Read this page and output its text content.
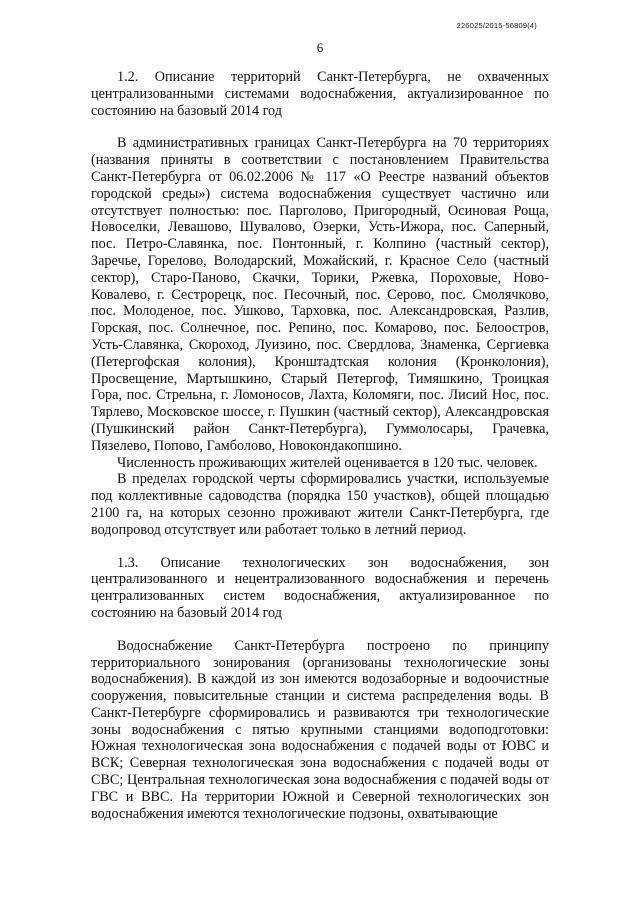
226025/2015-56809(4)
6

1.2. Описание территорий Санкт-Петербурга, не охваченных централизованными системами водоснабжения, актуализированное по состоянию на базовый 2014 год

В административных границах Санкт-Петербурга на 70 территориях (названия приняты в соответствии с постановлением Правительства Санкт-Петербурга от 06.02.2006 № 117 «О Реестре названий объектов городской среды») система водоснабжения существует частично или отсутствует полностью: пос. Парголово, Пригородный, Осиновая Роща, Новоселки, Левашово, Шувалово, Озерки, Усть-Ижора, пос. Саперный, пос. Петро-Славянка, пос. Понтонный, г. Колпино (частный сектор), Заречье, Горелово, Володарский, Можайский, г. Красное Село (частный сектор), Старо-Паново, Скачки, Торики, Ржевка, Пороховые, Ново-Ковалево, г. Сестрорецк, пос. Песочный, пос. Серово, пос. Смолячково, пос. Молоденое, пос. Ушково, Тарховка, пос. Александровская, Разлив, Горская, пос. Солнечное, пос. Репино, пос. Комарово, пос. Белоостров, Усть-Славянка, Скороход, Луизино, пос. Свердлова, Знаменка, Сергиевка (Петергофская колония), Кронштадтская колония (Кронколония), Просвещение, Мартышкино, Старый Петергоф, Тимяшкино, Троицкая Гора, пос. Стрельна, г. Ломоносов, Лахта, Коломяги, пос. Лисий Нос, пос. Тярлево, Московское шоссе, г. Пушкин (частный сектор), Александровская (Пушкинский район Санкт-Петербурга), Гуммолосары, Грачевка, Пязелево, Попово, Гамболово, Новокондакопшино.

Численность проживающих жителей оценивается в 120 тыс. человек.

В пределах городской черты сформировались участки, используемые под коллективные садоводства (порядка 150 участков), общей площадью 2100 га, на которых сезонно проживают жители Санкт-Петербурга, где водопровод отсутствует или работает только в летний период.

1.3. Описание технологических зон водоснабжения, зон централизованного и нецентрализованного водоснабжения и перечень централизованных систем водоснабжения, актуализированное по состоянию на базовый 2014 год

Водоснабжение Санкт-Петербурга построено по принципу территориального зонирования (организованы технологические зоны водоснабжения). В каждой из зон имеются водозаборные и водоочистные сооружения, повысительные станции и система распределения воды. В Санкт-Петербурге сформировались и развиваются три технологические зоны водоснабжения с пятью крупными станциями водоподготовки: Южная технологическая зона водоснабжения с подачей воды от ЮВС и ВСК; Северная технологическая зона водоснабжения с подачей воды от СВС; Центральная технологическая зона водоснабжения с подачей воды от ГВС и ВВС. На территории Южной и Северной технологических зон водоснабжения имеются технологические подзоны, охватывающие
